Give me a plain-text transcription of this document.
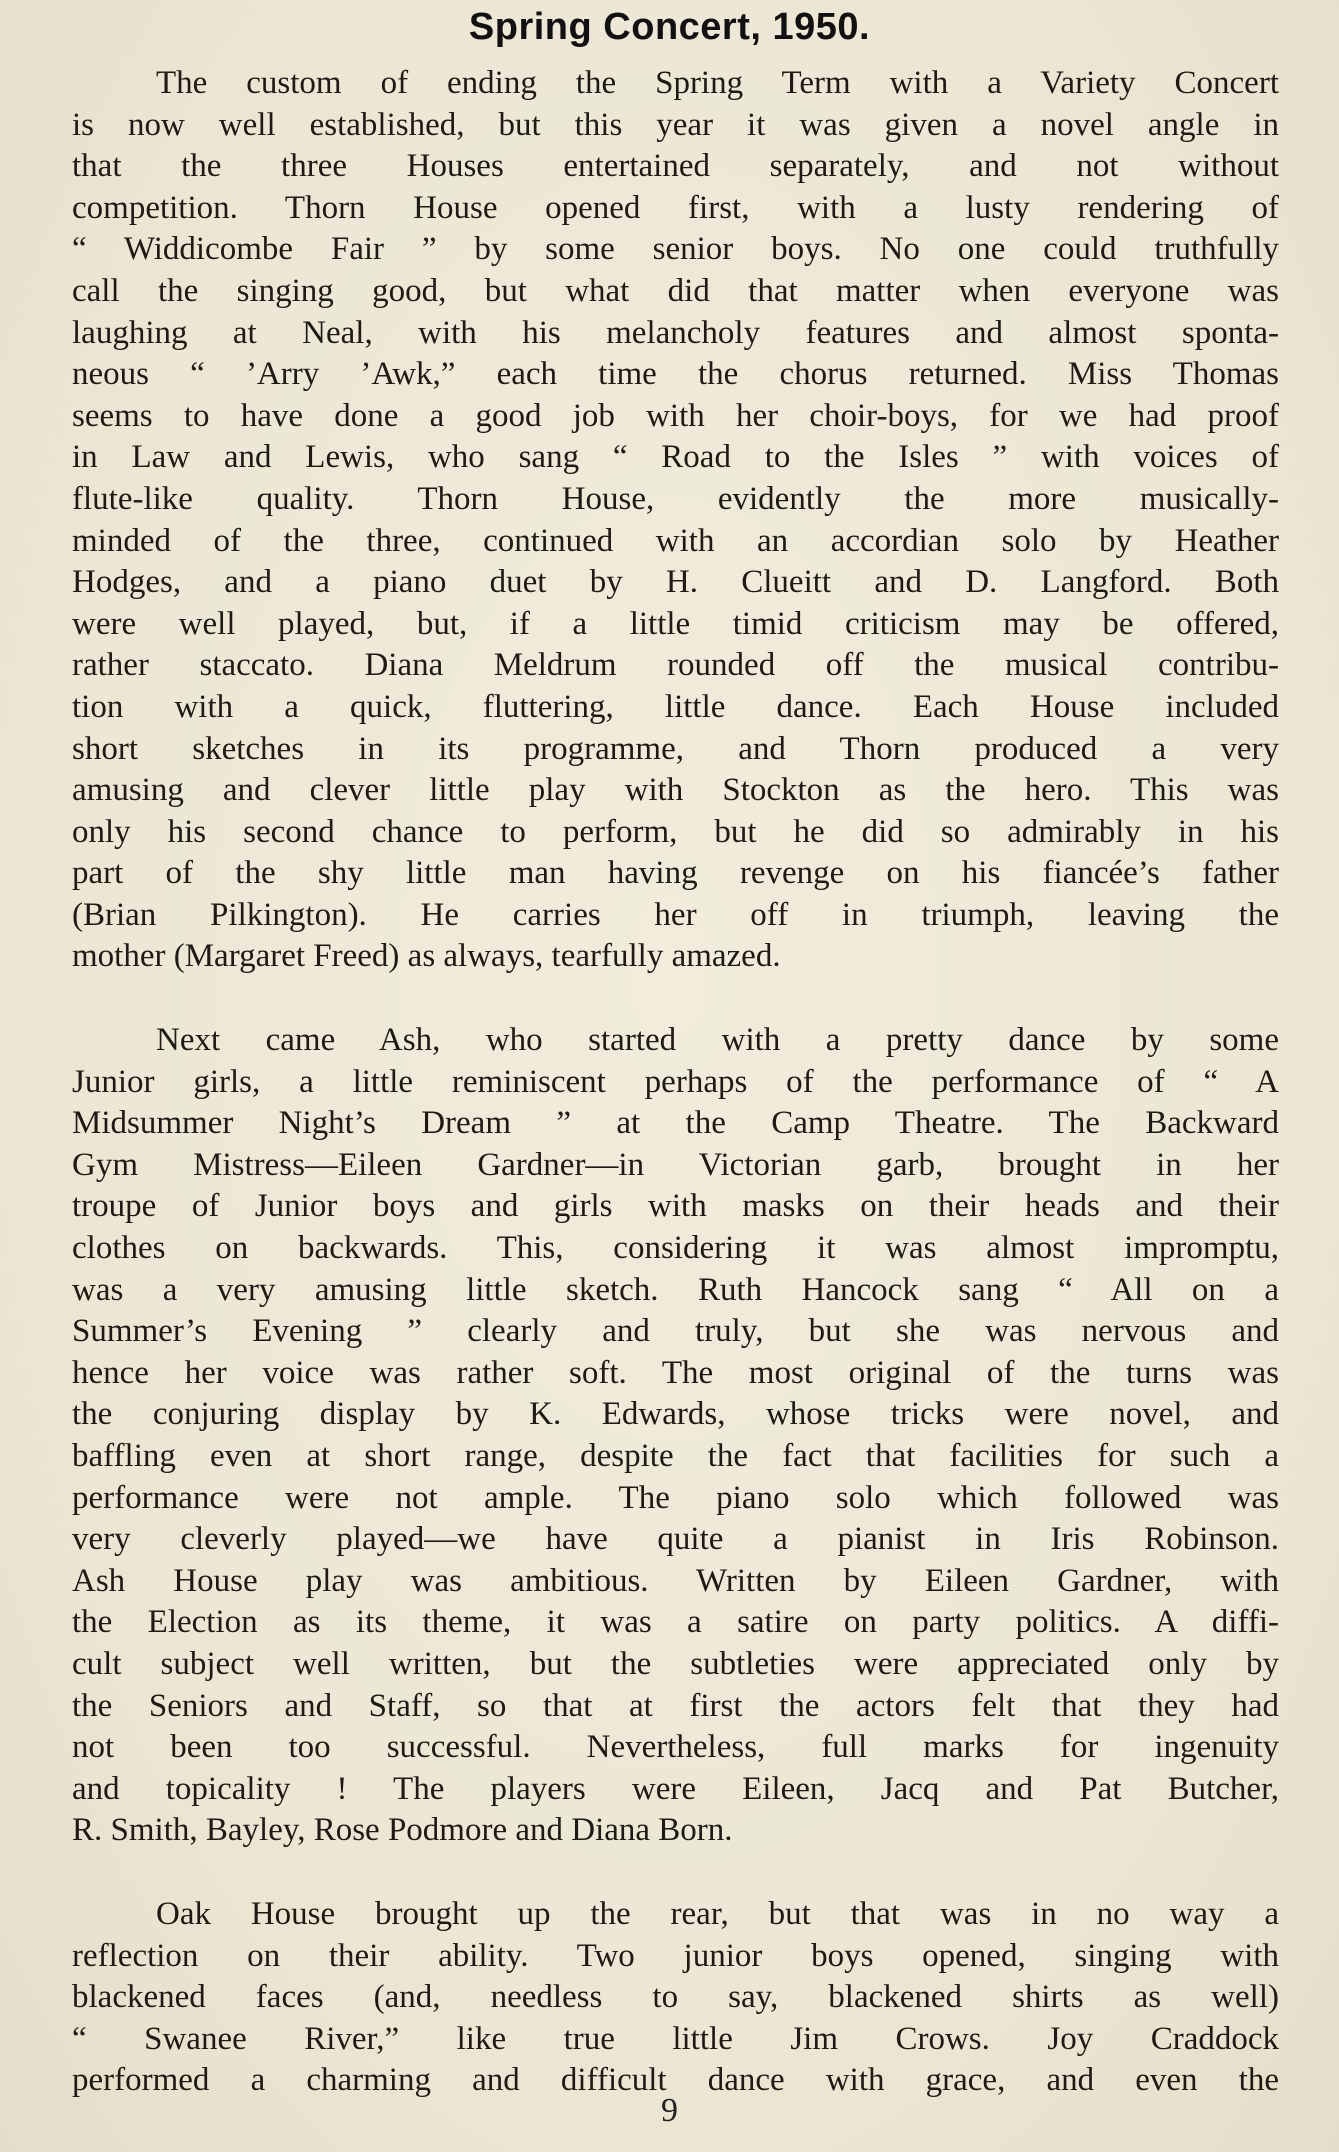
Spring Concert, 1950.
The custom of ending the Spring Term with a Variety Concert
is now well established, but this year it was given a novel angle in
that the three Houses entertained separately, and not without
competition. Thorn House opened first, with a lusty rendering of
“ Widdicombe Fair ” by some senior boys. No one could truthfully
call the singing good, but what did that matter when everyone was
laughing at Neal, with his melancholy features and almost sponta-
neous “ ’Arry ’Awk,” each time the chorus returned. Miss Thomas
seems to have done a good job with her choir-boys, for we had proof
in Law and Lewis, who sang “ Road to the Isles ” with voices of
flute-like quality. Thorn House, evidently the more musically-
minded of the three, continued with an accordian solo by Heather
Hodges, and a piano duet by H. Clueitt and D. Langford. Both
were well played, but, if a little timid criticism may be offered,
rather staccato. Diana Meldrum rounded off the musical contribu-
tion with a quick, fluttering, little dance. Each House included
short sketches in its programme, and Thorn produced a very
amusing and clever little play with Stockton as the hero. This was
only his second chance to perform, but he did so admirably in his
part of the shy little man having revenge on his fiancée’s father
(Brian Pilkington). He carries her off in triumph, leaving the
mother (Margaret Freed) as always, tearfully amazed.
Next came Ash, who started with a pretty dance by some
Junior girls, a little reminiscent perhaps of the performance of “ A
Midsummer Night’s Dream ” at the Camp Theatre. The Backward
Gym Mistress—Eileen Gardner—in Victorian garb, brought in her
troupe of Junior boys and girls with masks on their heads and their
clothes on backwards. This, considering it was almost impromptu,
was a very amusing little sketch. Ruth Hancock sang “ All on a
Summer’s Evening ” clearly and truly, but she was nervous and
hence her voice was rather soft. The most original of the turns was
the conjuring display by K. Edwards, whose tricks were novel, and
baffling even at short range, despite the fact that facilities for such a
performance were not ample. The piano solo which followed was
very cleverly played—we have quite a pianist in Iris Robinson.
Ash House play was ambitious. Written by Eileen Gardner, with
the Election as its theme, it was a satire on party politics. A diffi-
cult subject well written, but the subtleties were appreciated only by
the Seniors and Staff, so that at first the actors felt that they had
not been too successful. Nevertheless, full marks for ingenuity
and topicality ! The players were Eileen, Jacq and Pat Butcher,
R. Smith, Bayley, Rose Podmore and Diana Born.
Oak House brought up the rear, but that was in no way a
reflection on their ability. Two junior boys opened, singing with
blackened faces (and, needless to say, blackened shirts as well)
“ Swanee River,” like true little Jim Crows. Joy Craddock
performed a charming and difficult dance with grace, and even the
9
